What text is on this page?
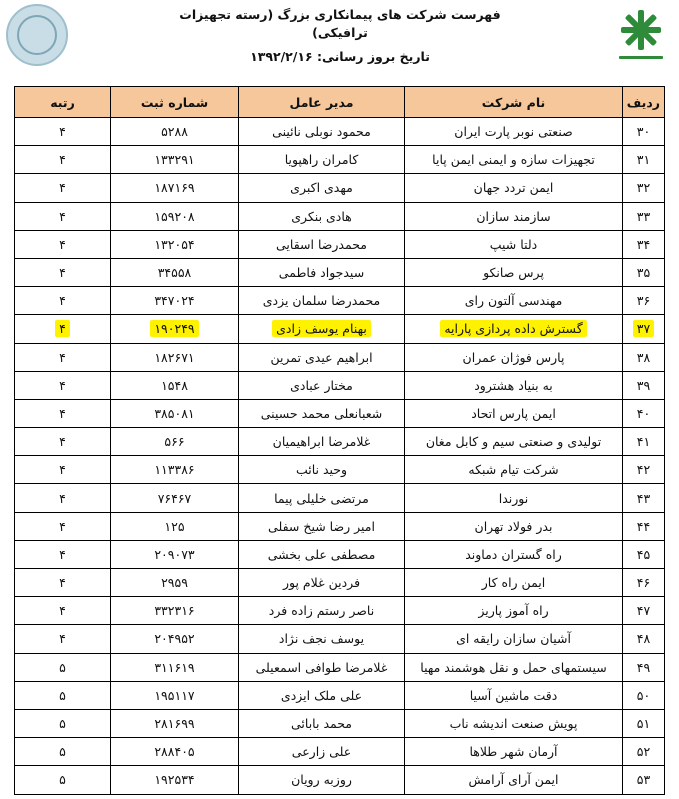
فهرست شرکت های پیمانکاری بزرگ (رسته تجهیزات ترافیکی)
تاریخ بروز رسانی: ۱۳۹۲/۲/۱۶
ردیف	نام شرکت	مدیر عامل	شماره ثبت	رتبه
۳۰	صنعتی نوبر پارت ایران	محمود نوبلی نائینی	۵۲۸۸	۴
۳۱	تجهیزات سازه و ایمنی ایمن پایا	کامران راهپویا	۱۳۳۲۹۱	۴
۳۲	ایمن تردد جهان	مهدی اکبری	۱۸۷۱۶۹	۴
۳۳	سازمند سازان	هادی بنکری	۱۵۹۲۰۸	۴
۳۴	دلتا شیپ	محمدرضا اسقایی	۱۳۲۰۵۴	۴
۳۵	پرس صانکو	سیدجواد فاطمی	۳۴۵۵۸	۴
۳۶	مهندسی آلتون رای	محمدرضا سلمان یزدی	۳۴۷۰۲۴	۴
۳۷	گسترش داده پردازی پارایه	بهنام یوسف زادی	۱۹۰۲۴۹	۴
۳۸	پارس فوژان عمران	ابراهیم عیدی تمرین	۱۸۲۶۷۱	۴
۳۹	به بنیاد هشترود	مختار عبادی	۱۵۴۸	۴
۴۰	ایمن پارس اتحاد	شعبانعلی محمد حسینی	۳۸۵۰۸۱	۴
۴۱	تولیدی و صنعتی سیم و کابل مغان	غلامرضا ابراهیمیان	۵۶۶	۴
۴۲	شرکت تیام شبکه	وحید نائب	۱۱۳۳۸۶	۴
۴۳	نورندا	مرتضی خلیلی پیما	۷۶۴۶۷	۴
۴۴	بدر فولاد تهران	امیر رضا شیخ سفلی	۱۲۵	۴
۴۵	راه گستران دماوند	مصطفی علی بخشی	۲۰۹۰۷۳	۴
۴۶	ایمن راه کار	فردین غلام پور	۲۹۵۹	۴
۴۷	راه آموز پاریز	ناصر رستم زاده فرد	۳۳۲۳۱۶	۴
۴۸	آشیان سازان رایقه ای	یوسف نجف نژاد	۲۰۴۹۵۲	۴
۴۹	سیستمهای حمل و نقل هوشمند مهیا	غلامرضا طوافی اسمعیلی	۳۱۱۶۱۹	۵
۵۰	دقت ماشین آسیا	علی ملک ایزدی	۱۹۵۱۱۷	۵
۵۱	پویش صنعت اندیشه ناب	محمد بابائی	۲۸۱۶۹۹	۵
۵۲	آرمان شهر طلاها	علی زارعی	۲۸۸۴۰۵	۵
۵۳	ایمن آرای آرامش	روزبه رویان	۱۹۲۵۳۴	۵
